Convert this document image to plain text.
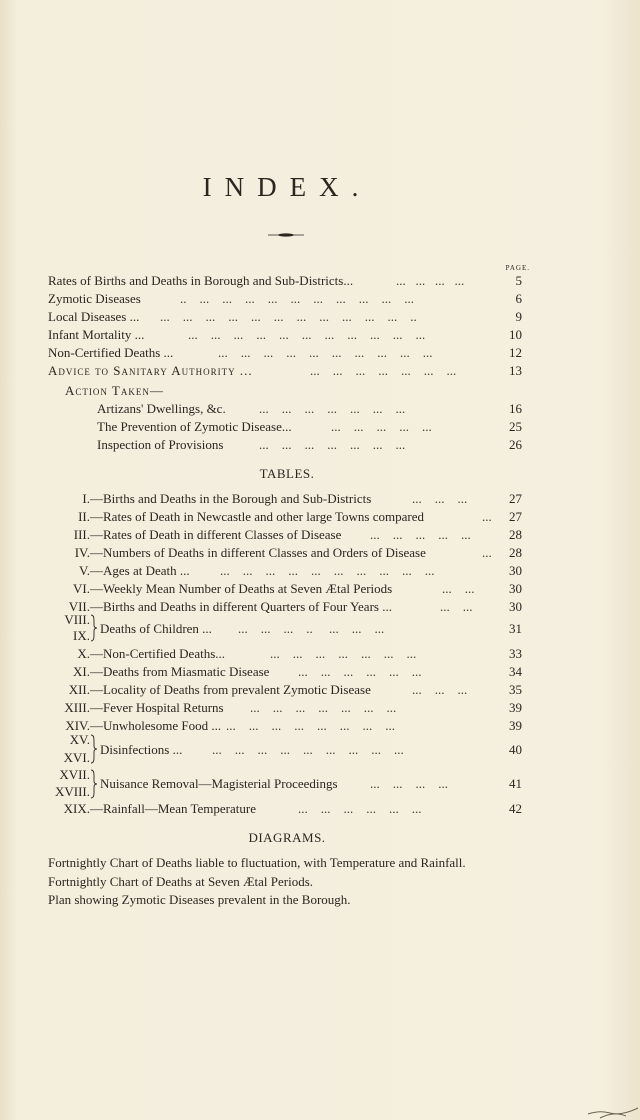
INDEX.
PAGE.
Rates of Births and Deaths in Borough and Sub-Districts...	...   ...   ...   ...	5
Zymotic Diseases	..    ...    ...    ...    ...    ...    ...    ...    ...    ...    ...	6
Local Diseases ... ...    ...    ...    ...    ...    ...    ...    ...    ...    ...    ...    ..	9
Infant Mortality ...	...    ...    ...    ...    ...    ...    ...    ...    ...    ...    ...	10
Non-Certified Deaths ...	...    ...    ...    ...    ...    ...    ...    ...    ...    ...	12
Advice to Sanitary Authority ...	...    ...    ...    ...    ...    ...    ...	13
Action Taken—
Artizans' Dwellings, &c.	...    ...    ...    ...    ...    ...    ...	16
The Prevention of Zymotic Disease...	...    ...    ...    ...    ...	25
Inspection of Provisions	...    ...    ...    ...    ...    ...    ...	26
TABLES.
I. —Births and Deaths in the Borough and Sub-Districts	...    ...    ...	27
II. —Rates of Death in Newcastle and other large Towns compared	... 27
III. —Rates of Death in different Classes of Disease ...    ...    ...    ...    ...	28
IV. —Numbers of Deaths in different Classes and Orders of Disease	... 28
V. —Ages at Death ... ...    ...    ...    ...    ...    ...    ...    ...    ...    ...	30
VI. —Weekly Mean Number of Deaths at Seven Ætal Periods	...    ...	30
VII. —Births and Deaths in different Quarters of Four Years ...	...    ...	30
VIII.
IX. Deaths of Children ... ...    ...    ...    ..     ...    ...    ...	31
X. —Non-Certified Deaths...	...    ...    ...    ...    ...    ...    ...	33
XI. —Deaths from Miasmatic Disease ...    ...    ...    ...    ...    ...	34
XII. —Locality of Deaths from prevalent Zymotic Disease	...    ...    ...	35
XIII. —Fever Hospital Returns ...    ...    ...    ...    ...    ...    ...	39
XIV. —Unwholesome Food ... ...    ...    ...    ...    ...    ...    ...    ...	39
XV.
XVI.
Disinfections ... ...    ...    ...    ...    ...    ...    ...    ...    ...	40
XVII.
XVIII.
Nuisance Removal—Magisterial Proceedings ...    ...    ...    ...	41
XIX. —Rainfall—Mean Temperature	...    ...    ...    ...    ...    ...	42
DIAGRAMS.
Fortnightly Chart of Deaths liable to fluctuation, with Temperature and Rainfall.
Fortnightly Chart of Deaths at Seven Ætal Periods.
Plan showing Zymotic Diseases prevalent in the Borough.
